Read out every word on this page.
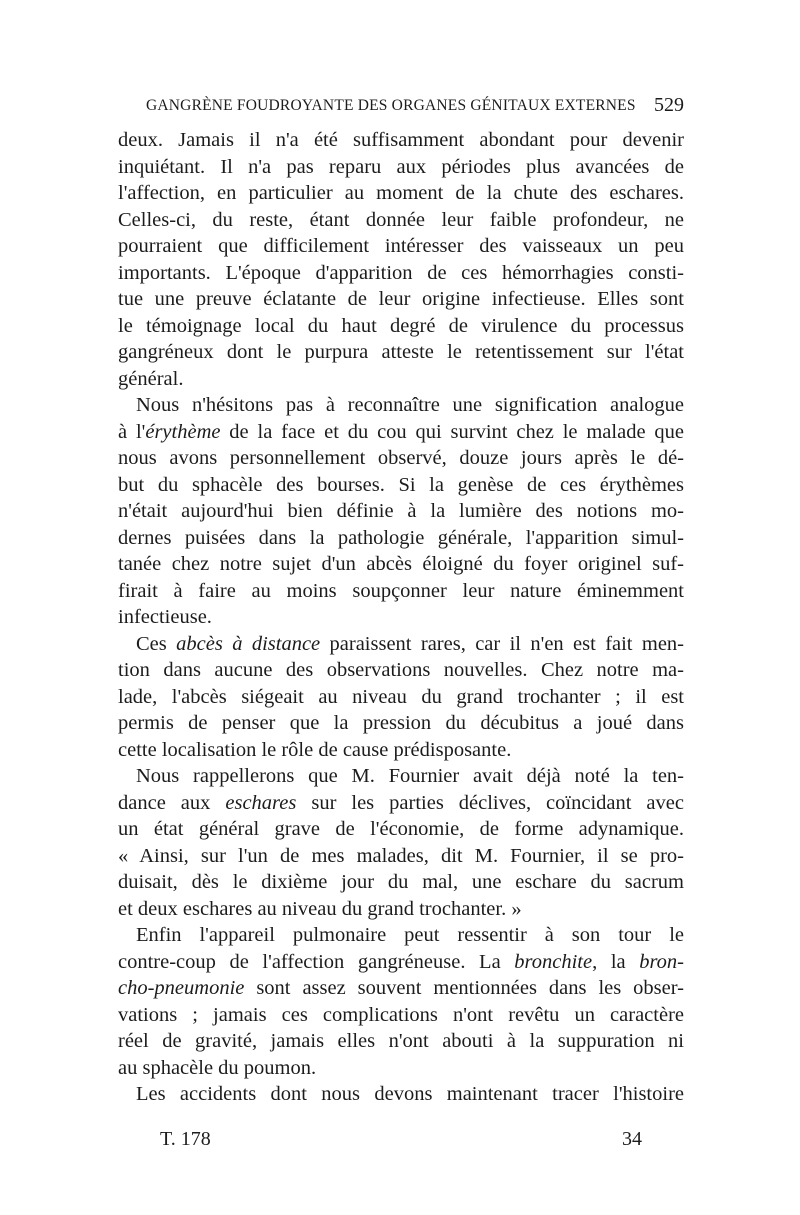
GANGRÈNE FOUDROYANTE DES ORGANES GÉNITAUX EXTERNES 529
deux. Jamais il n'a été suffisamment abondant pour devenir
inquiétant. Il n'a pas reparu aux périodes plus avancées de
l'affection, en particulier au moment de la chute des eschares.
Celles-ci, du reste, étant donnée leur faible profondeur, ne
pourraient que difficilement intéresser des vaisseaux un peu
importants. L'époque d'apparition de ces hémorrhagies consti-
tue une preuve éclatante de leur origine infectieuse. Elles sont
le témoignage local du haut degré de virulence du processus
gangréneux dont le purpura atteste le retentissement sur l'état
général.
Nous n'hésitons pas à reconnaître une signification analogue
à l'érythème de la face et du cou qui survint chez le malade que
nous avons personnellement observé, douze jours après le dé-
but du sphacèle des bourses. Si la genèse de ces érythèmes
n'était aujourd'hui bien définie à la lumière des notions mo-
dernes puisées dans la pathologie générale, l'apparition simul-
tanée chez notre sujet d'un abcès éloigné du foyer originel suf-
firait à faire au moins soupçonner leur nature éminemment
infectieuse.
Ces abcès à distance paraissent rares, car il n'en est fait men-
tion dans aucune des observations nouvelles. Chez notre ma-
lade, l'abcès siégeait au niveau du grand trochanter ; il est
permis de penser que la pression du décubitus a joué dans
cette localisation le rôle de cause prédisposante.
Nous rappellerons que M. Fournier avait déjà noté la ten-
dance aux eschares sur les parties déclives, coïncidant avec
un état général grave de l'économie, de forme adynamique.
« Ainsi, sur l'un de mes malades, dit M. Fournier, il se pro-
duisait, dès le dixième jour du mal, une eschare du sacrum
et deux eschares au niveau du grand trochanter. »
Enfin l'appareil pulmonaire peut ressentir à son tour le
contre-coup de l'affection gangréneuse. La bronchite, la bron-
cho-pneumonie sont assez souvent mentionnées dans les obser-
vations ; jamais ces complications n'ont revêtu un caractère
réel de gravité, jamais elles n'ont abouti à la suppuration ni
au sphacèle du poumon.
Les accidents dont nous devons maintenant tracer l'histoire
T. 178	34
